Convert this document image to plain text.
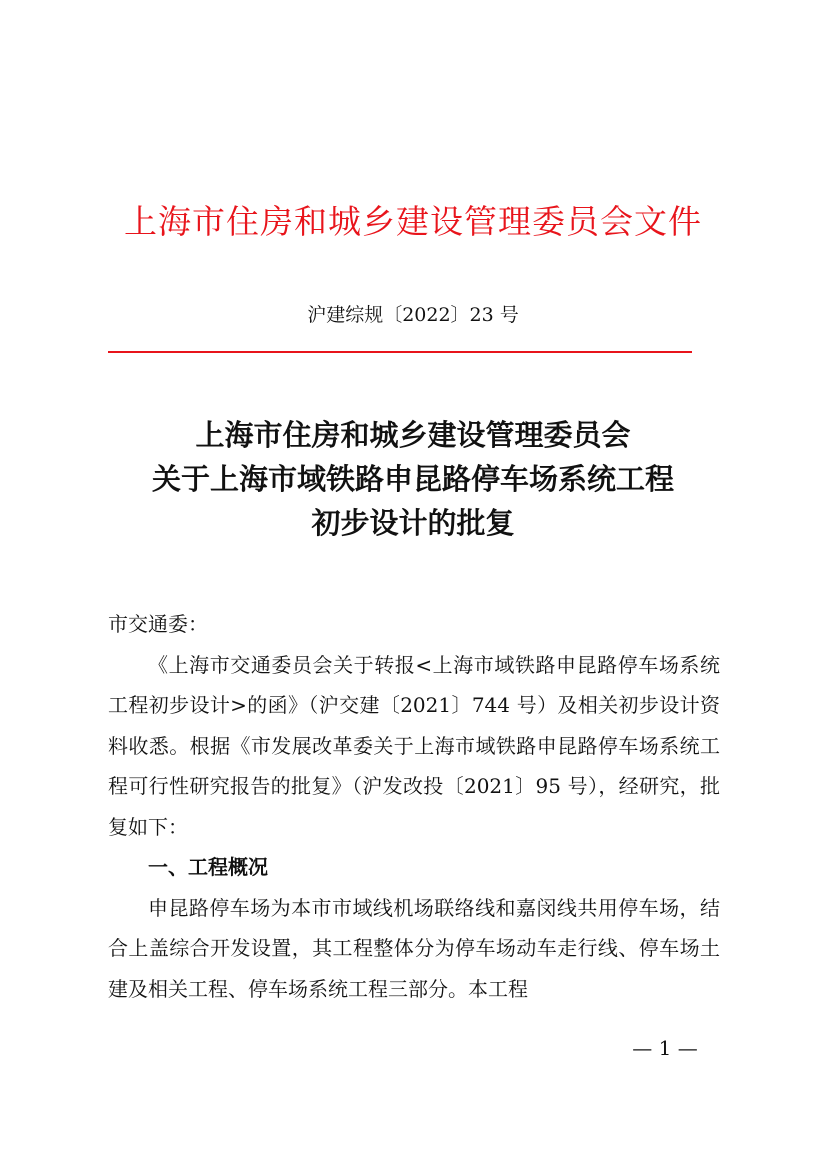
上海市住房和城乡建设管理委员会文件
沪建综规〔2022〕23 号
上海市住房和城乡建设管理委员会
关于上海市域铁路申昆路停车场系统工程
初步设计的批复

市交通委：

《上海市交通委员会关于转报<上海市域铁路申昆路停车场系统工程初步设计>的函》（沪交建〔2021〕744 号）及相关初步设计资料收悉。根据《市发展改革委关于上海市域铁路申昆路停车场系统工程可行性研究报告的批复》（沪发改投〔2021〕95 号），经研究，批复如下：

一、工程概况

申昆路停车场为本市市域线机场联络线和嘉闵线共用停车场，结合上盖综合开发设置，其工程整体分为停车场动车走行线、停车场土建及相关工程、停车场系统工程三部分。本工程

— 1 —
